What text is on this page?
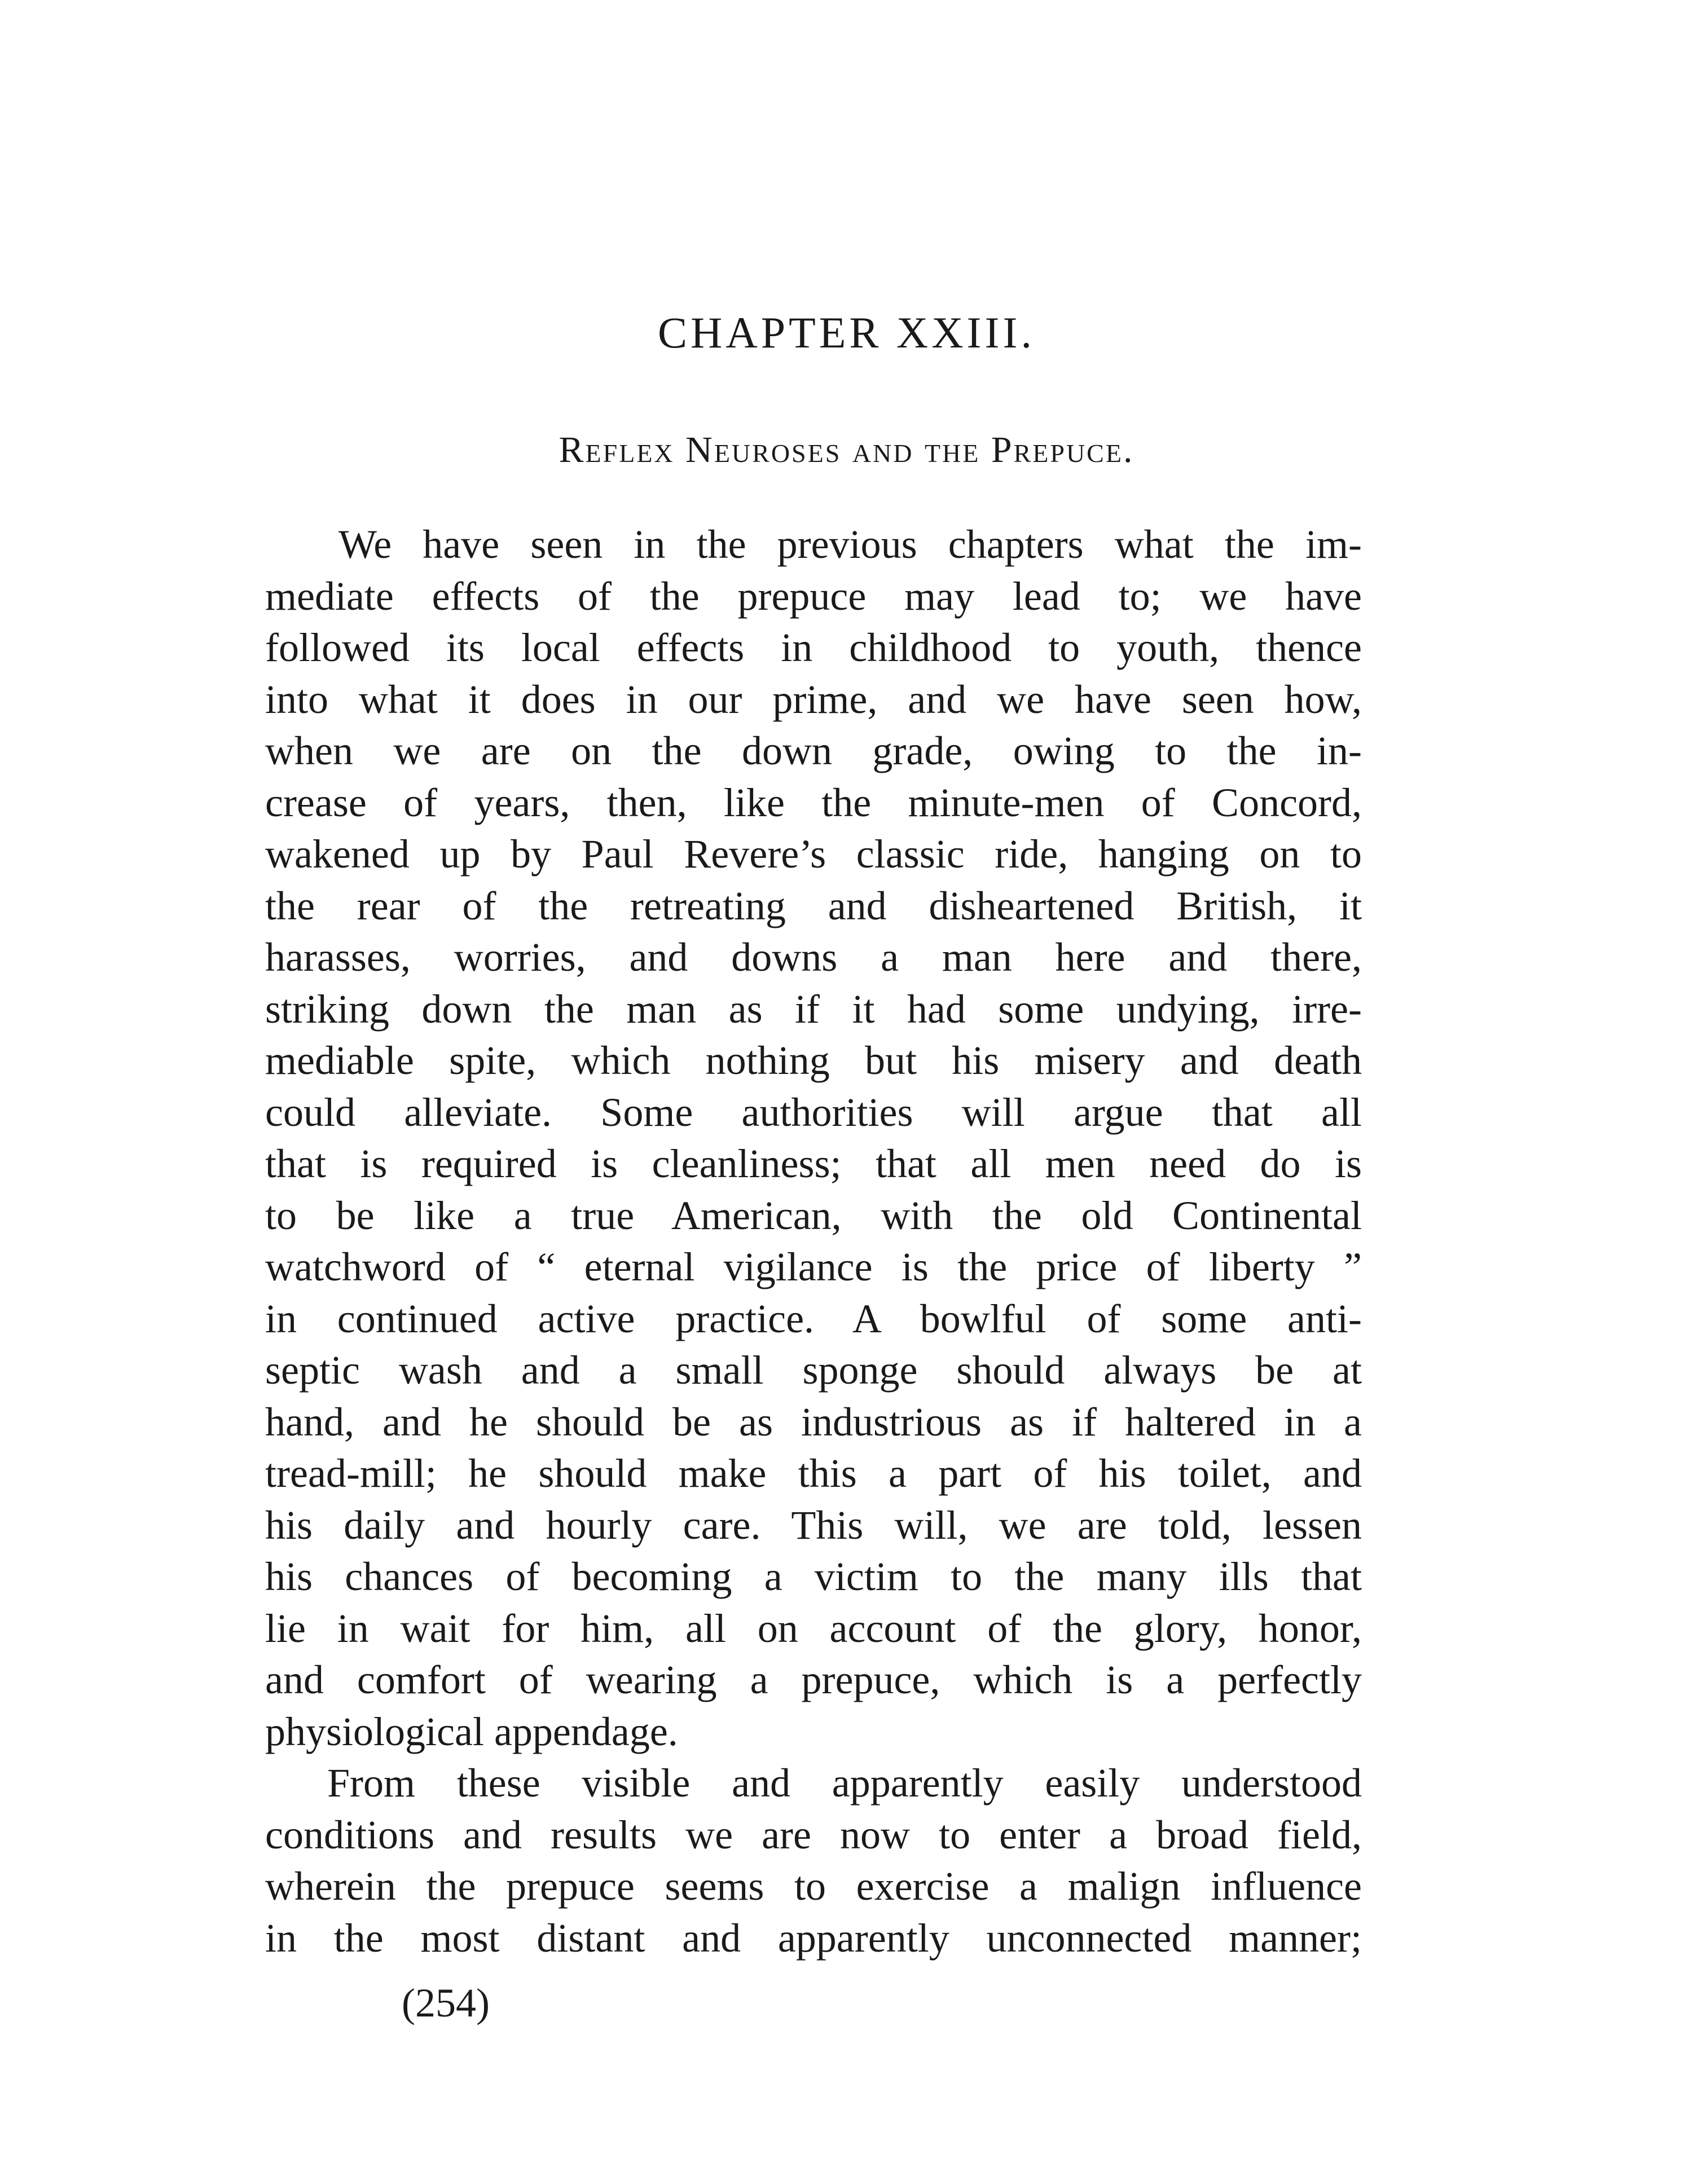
CHAPTER XXIII.
Reflex Neuroses and the Prepuce.
We have seen in the previous chapters what the im-
mediate effects of the prepuce may lead to; we have
followed its local effects in childhood to youth, thence
into what it does in our prime, and we have seen how,
when we are on the down grade, owing to the in-
crease of years, then, like the minute-men of Concord,
wakened up by Paul Revere’s classic ride, hanging on to
the rear of the retreating and disheartened British, it
harasses, worries, and downs a man here and there,
striking down the man as if it had some undying, irre-
mediable spite, which nothing but his misery and death
could alleviate. Some authorities will argue that all
that is required is cleanliness; that all men need do is
to be like a true American, with the old Continental
watchword of “ eternal vigilance is the price of liberty ”
in continued active practice. A bowlful of some anti-
septic wash and a small sponge should always be at
hand, and he should be as industrious as if haltered in a
tread-mill; he should make this a part of his toilet, and
his daily and hourly care. This will, we are told, lessen
his chances of becoming a victim to the many ills that
lie in wait for him, all on account of the glory, honor,
and comfort of wearing a prepuce, which is a perfectly
physiological appendage.
From these visible and apparently easily understood
conditions and results we are now to enter a broad field,
wherein the prepuce seems to exercise a malign influence
in the most distant and apparently unconnected manner;
(254)
